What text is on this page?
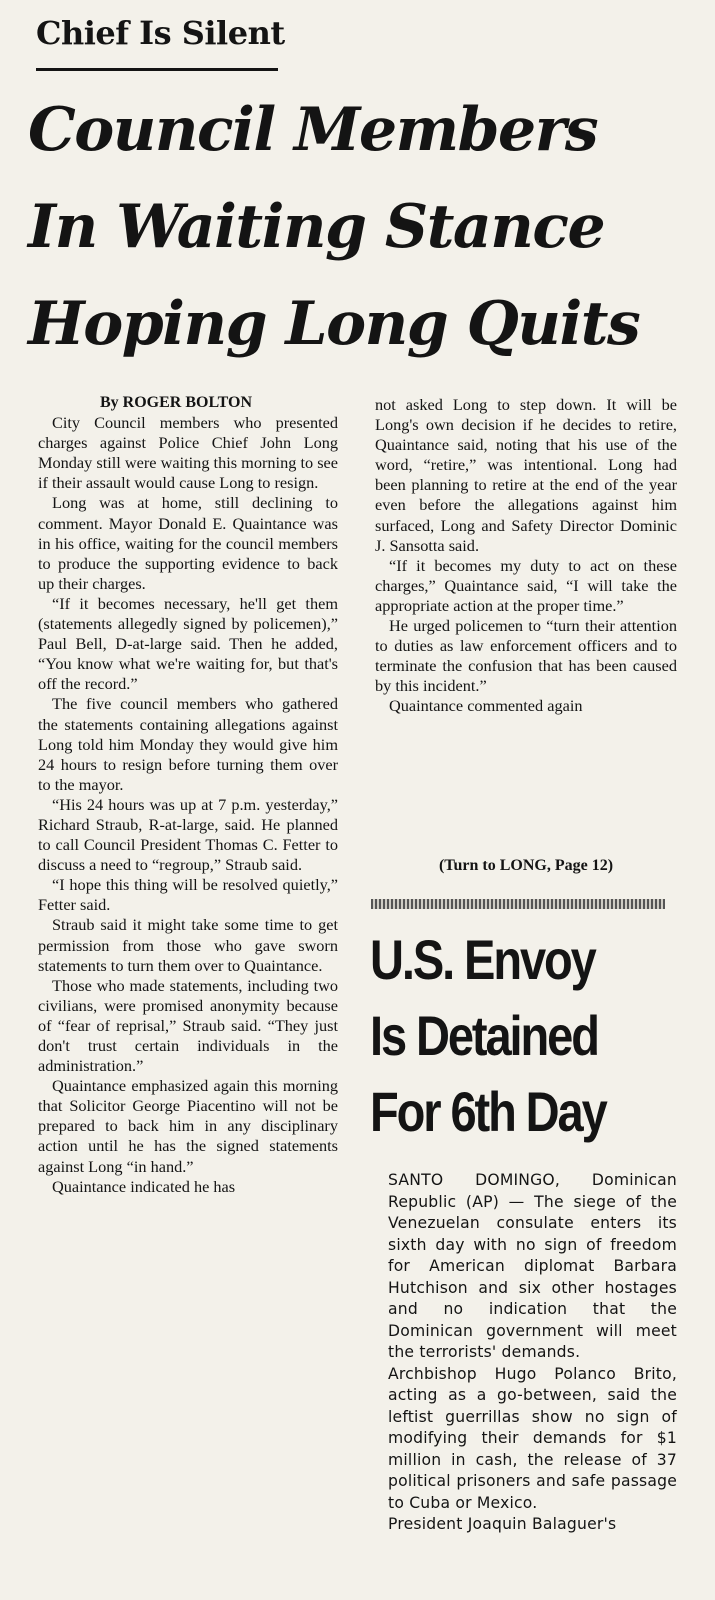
Chief Is Silent
Council Members
In Waiting Stance
Hoping Long Quits

By ROGER BOLTON

City Council members who presented charges against Police Chief John Long Monday still were waiting this morning to see if their assault would cause Long to resign.

Long was at home, still declining to comment. Mayor Donald E. Quaintance was in his office, waiting for the council members to produce the supporting evidence to back up their charges.

“If it becomes necessary, he'll get them (statements allegedly signed by policemen),” Paul Bell, D-at-large said. Then he added, “You know what we're waiting for, but that's off the record.”

The five council members who gathered the statements containing allegations against Long told him Monday they would give him 24 hours to resign before turning them over to the mayor.

“His 24 hours was up at 7 p.m. yesterday,” Richard Straub, R-at-large, said. He planned to call Council President Thomas C. Fetter to discuss a need to “regroup,” Straub said.

“I hope this thing will be resolved quietly,” Fetter said.

Straub said it might take some time to get permission from those who gave sworn statements to turn them over to Quaintance.

Those who made statements, including two civilians, were promised anonymity because of “fear of reprisal,” Straub said. “They just don't trust certain individuals in the administration.”

Quaintance emphasized again this morning that Solicitor George Piacentino will not be prepared to back him in any disciplinary action until he has the signed statements against Long “in hand.”

Quaintance indicated he has

not asked Long to step down. It will be Long's own decision if he decides to retire, Quaintance said, noting that his use of the word, “retire,” was intentional. Long had been planning to retire at the end of the year even before the allegations against him surfaced, Long and Safety Director Dominic J. Sansotta said.

“If it becomes my duty to act on these charges,” Quaintance said, “I will take the appropriate action at the proper time.”

He urged policemen to “turn their attention to duties as law enforcement officers and to terminate the confusion that has been caused by this incident.”

Quaintance commented again

(Turn to LONG, Page 12)

U.S. Envoy
Is Detained
For 6th Day

SANTO DOMINGO, Dominican Republic (AP) — The siege of the Venezuelan consulate enters its sixth day with no sign of freedom for American diplomat Barbara Hutchison and six other hostages and no indication that the Dominican government will meet the terrorists' demands.

Archbishop Hugo Polanco Brito, acting as a go-between, said the leftist guerrillas show no sign of modifying their demands for $1 million in cash, the release of 37 political prisoners and safe passage to Cuba or Mexico.

President Joaquin Balaguer's
